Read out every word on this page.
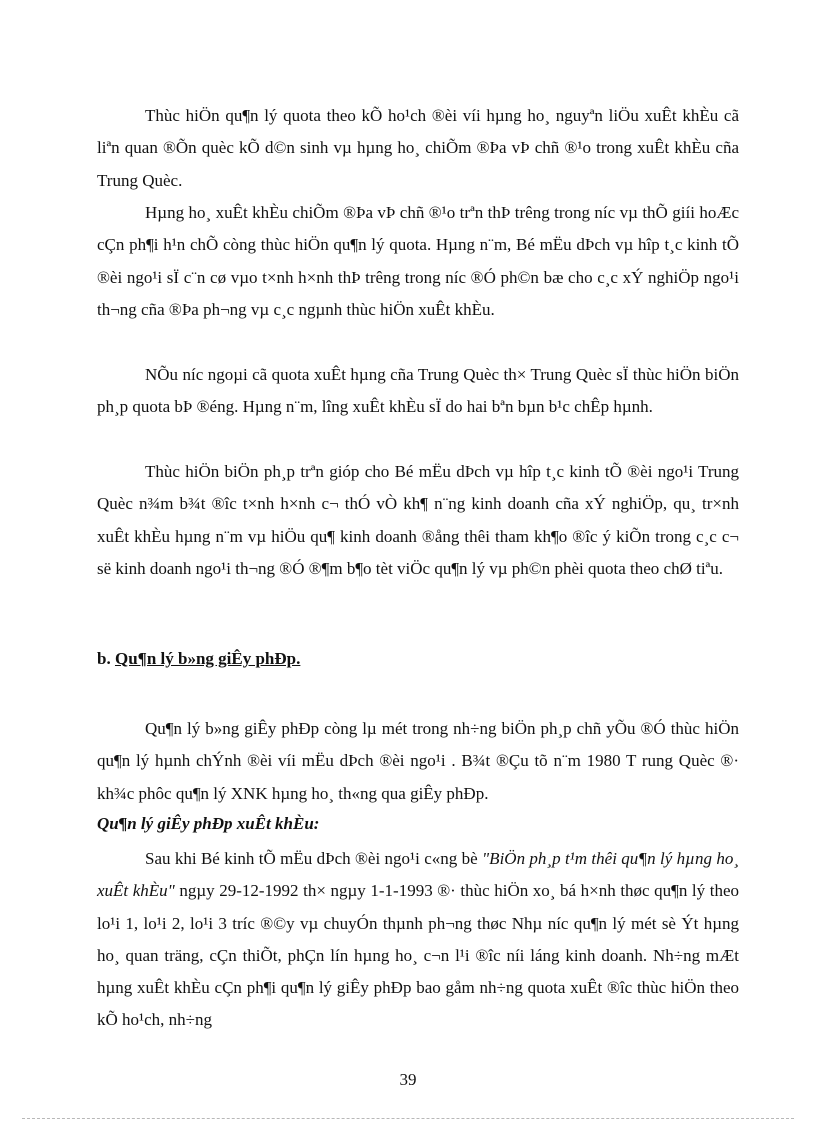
Thùc hiÖn qu¶n lý quota theo kÕ ho¹ch ®èi víi hµng ho¸ nguyªn liÖu xuÊt khÈu cã liªn quan ®Õn quèc kÕ d©n sinh vµ hµng ho¸ chiÕm ®Þa vÞ chñ ®¹o trong xuÊt khÈu cña Trung Quèc.

Hµng ho¸ xuÊt khÈu chiÕm ®Þa vÞ chñ ®¹o trªn thÞ trêng trong níc vµ thÕ giíi hoÆc cÇn ph¶i h¹n chÕ còng thùc hiÖn qu¶n lý quota. Hµng n¨m, Bé mËu dÞch vµ hîp t¸c kinh tÕ ®èi ngo¹i sÏ c¨n cø vµo t×nh h×nh thÞ trêng trong níc ®Ó ph©n bæ cho c¸c xÝ nghiÖp ngo¹i th¬ng cña ®Þa ph¬ng vµ c¸c ngµnh thùc hiÖn xuÊt khÈu.

NÕu níc ngoµi cã quota xuÊt hµng cña Trung Quèc th× Trung Quèc sÏ thùc hiÖn biÖn ph¸p quota bÞ ®éng. Hµng n¨m, lîng xuÊt khÈu sÏ do hai bªn bµn b¹c chÊp hµnh.

Thùc hiÖn biÖn ph¸p trªn gióp cho Bé mËu dÞch vµ hîp t¸c kinh tÕ ®èi ngo¹i Trung Quèc n¾m b¾t ®îc t×nh h×nh c¬ thÓ vÒ kh¶ n¨ng kinh doanh cña xÝ nghiÖp, qu¸ tr×nh xuÊt khÈu hµng n¨m vµ hiÖu qu¶ kinh doanh ®ång thêi tham kh¶o ®îc ý kiÕn trong c¸c c¬ së kinh doanh ngo¹i th¬ng ®Ó ®¶m b¶o tèt viÖc qu¶n lý vµ ph©n phèi quota theo chØ tiªu.

b. Qu¶n lý b»ng giÊy phÐp.

Qu¶n lý b»ng giÊy phÐp còng lµ mét trong nh÷ng biÖn ph¸p chñ yÕu ®Ó thùc hiÖn qu¶n lý hµnh chÝnh ®èi víi mËu dÞch ®èi ngo¹i . B¾t ®Çu tõ n¨m 1980 T rung Quèc ®· kh¾c phôc qu¶n lý XNK hµng ho¸ th«ng qua giÊy phÐp.

Qu¶n lý giÊy phÐp xuÊt khÈu:

Sau khi Bé kinh tÕ mËu dÞch ®èi ngo¹i c«ng bè "BiÖn ph¸p t¹m thêi qu¶n lý hµng ho¸ xuÊt khÈu" ngµy 29-12-1992 th× ngµy 1-1-1993 ®· thùc hiÖn xo¸ bá h×nh thøc qu¶n lý theo lo¹i 1, lo¹i 2, lo¹i 3 tríc ®©y vµ chuyÓn thµnh ph¬ng thøc Nhµ níc qu¶n lý mét sè Ýt hµng ho¸ quan träng, cÇn thiÕt, phÇn lín hµng ho¸ c¬n l¹i ®îc níi láng kinh doanh. Nh÷ng mÆt hµng xuÊt khÈu cÇn ph¶i qu¶n lý giÊy phÐp bao gåm nh÷ng quota xuÊt ®îc thùc hiÖn theo kÕ ho¹ch, nh÷ng

39
